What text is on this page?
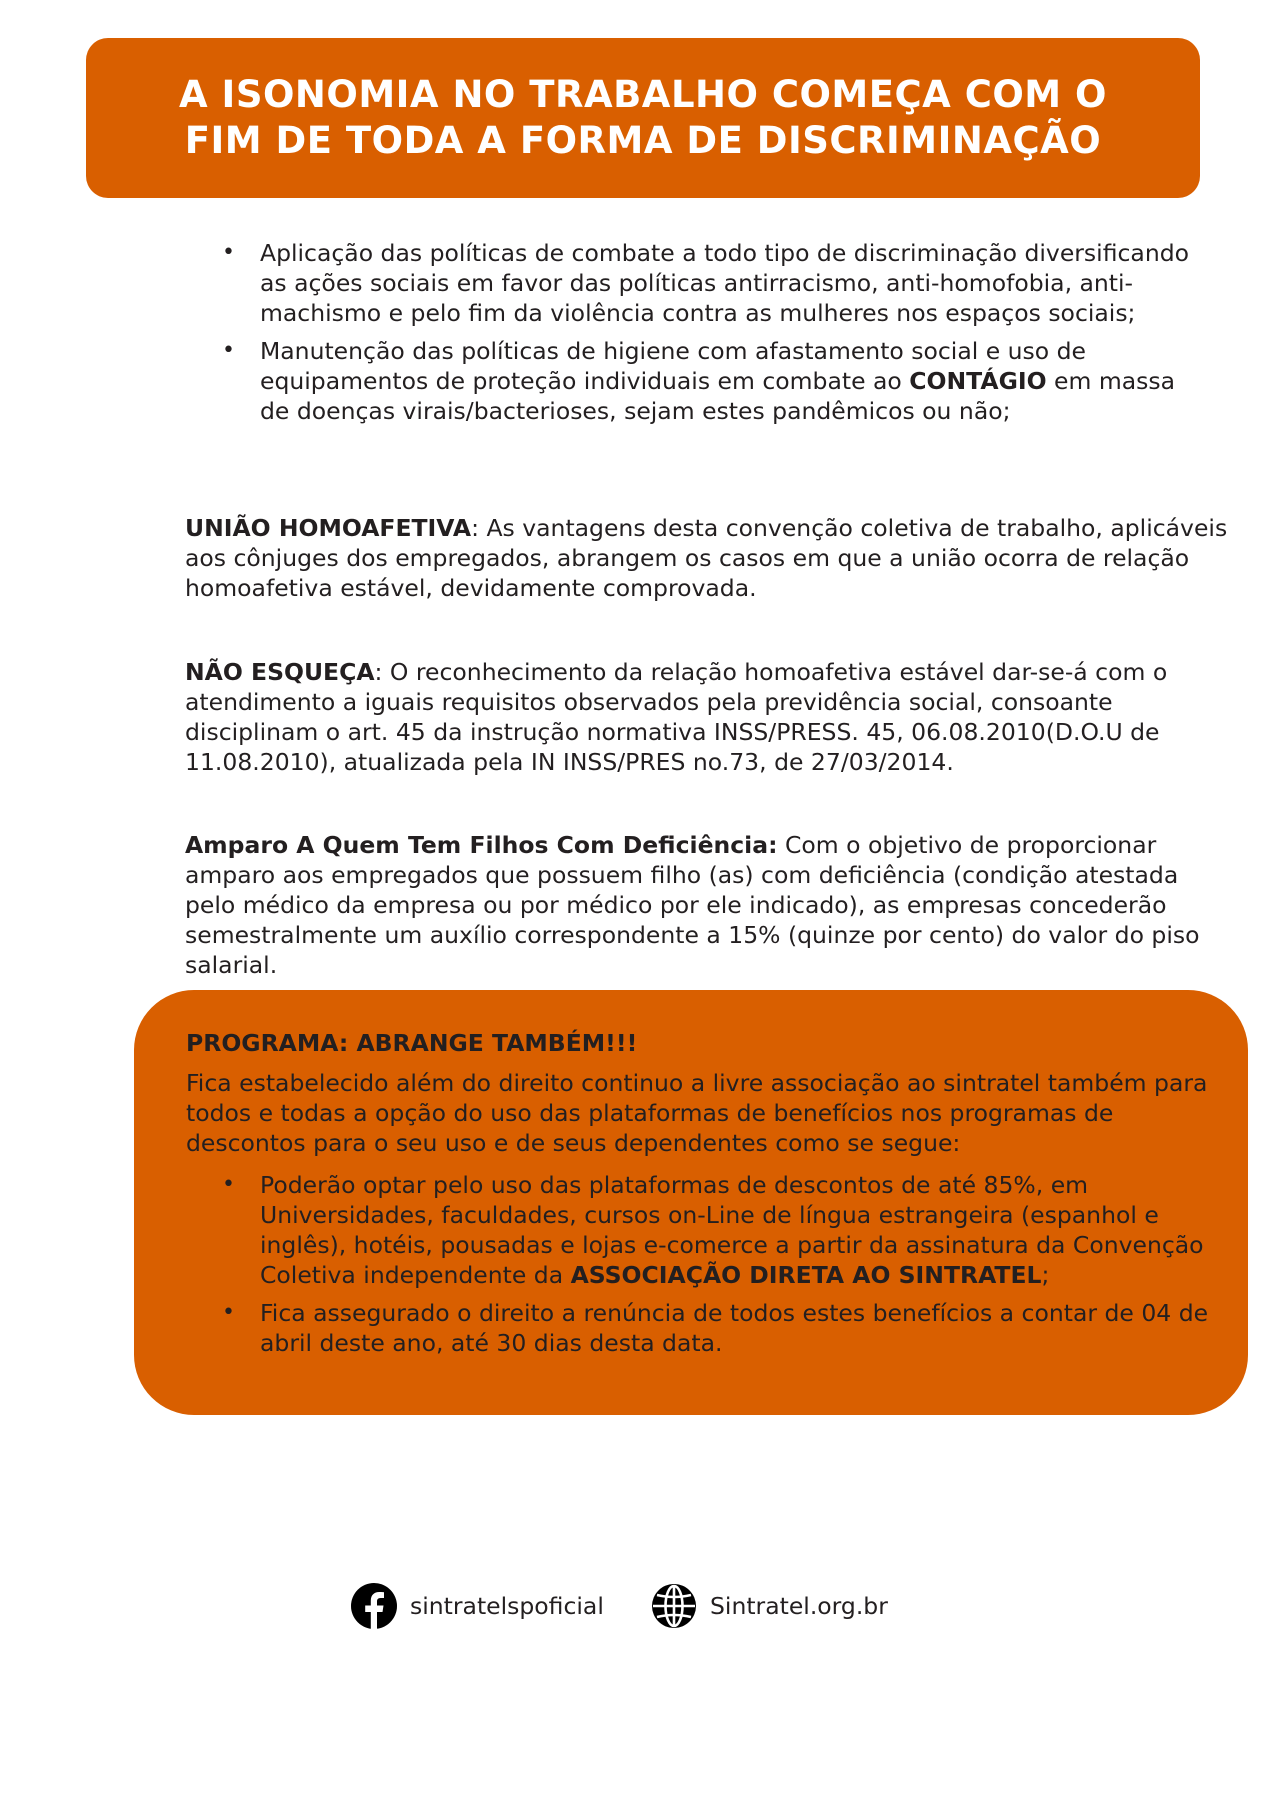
A ISONOMIA NO TRABALHO COMEÇA COM O
FIM DE TODA A FORMA DE DISCRIMINAÇÃO
• Aplicação das políticas de combate a todo tipo de discriminação diversificando as ações sociais em favor das políticas antirracismo, anti-homofobia, anti-machismo e pelo fim da violência contra as mulheres nos espaços sociais;
• Manutenção das políticas de higiene com afastamento social e uso de equipamentos de proteção individuais em combate ao CONTÁGIO em massa de doenças virais/bacterioses, sejam estes pandêmicos ou não;

UNIÃO HOMOAFETIVA: As vantagens desta convenção coletiva de trabalho, aplicáveis aos cônjuges dos empregados, abrangem os casos em que a união ocorra de relação homoafetiva estável, devidamente comprovada.

NÃO ESQUEÇA: O reconhecimento da relação homoafetiva estável dar-se-á com o atendimento a iguais requisitos observados pela previdência social, consoante disciplinam o art. 45 da instrução normativa INSS/PRESS. 45, 06.08.2010(D.O.U de 11.08.2010), atualizada pela IN INSS/PRES no.73, de 27/03/2014.

Amparo A Quem Tem Filhos Com Deficiência: Com o objetivo de proporcionar amparo aos empregados que possuem filho (as) com deficiência (condição atestada pelo médico da empresa ou por médico por ele indicado), as empresas concederão semestralmente um auxílio correspondente a 15% (quinze por cento) do valor do piso salarial.

PROGRAMA: ABRANGE TAMBÉM!!!

Fica estabelecido além do direito continuo a livre associação ao sintratel também para todos e todas a opção do uso das plataformas de benefícios nos programas de descontos para o seu uso e de seus dependentes como se segue:

• Poderão optar pelo uso das plataformas de descontos de até 85%, em Universidades, faculdades, cursos on-Line de língua estrangeira (espanhol e inglês), hotéis, pousadas e lojas e-comerce a partir da assinatura da Convenção Coletiva independente da ASSOCIAÇÃO DIRETA AO SINTRATEL;
• Fica assegurado o direito a renúncia de todos estes benefícios a contar de 04 de abril deste ano, até 30 dias desta data.
sintratelspoficial	Sintratel.org.br
